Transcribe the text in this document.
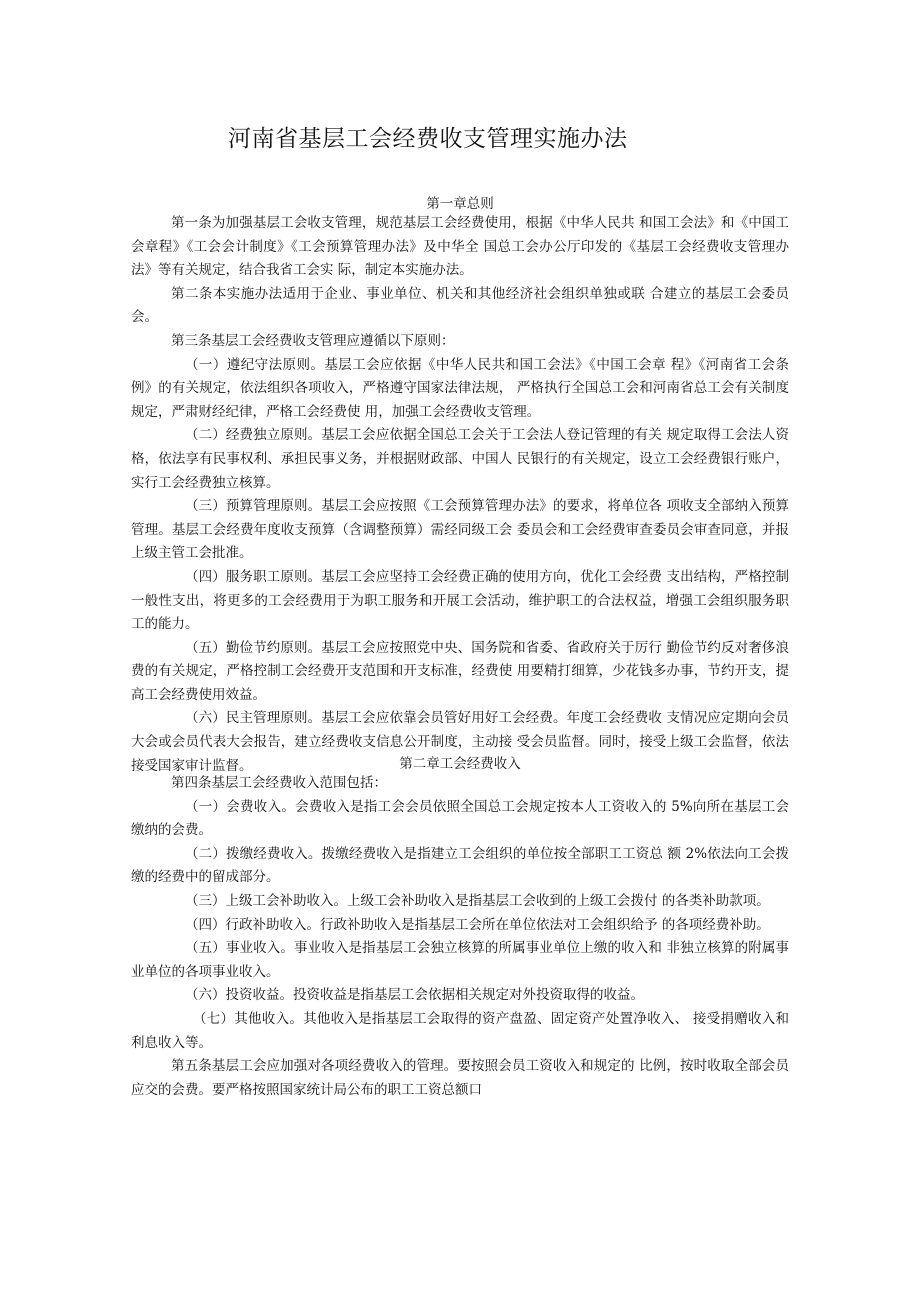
河南省基层工会经费收支管理实施办法
第一章总则

第一条为加强基层工会收支管理，规范基层工会经费使用，根据《中华人民共 和国工会法》和《中国工会章程》《工会会计制度》《工会预算管理办法》及中华全 国总工会办公厅印发的《基层工会经费收支管理办法》等有关规定，结合我省工会实 际，制定本实施办法。

第二条本实施办法适用于企业、事业单位、机关和其他经济社会组织单独或联 合建立的基层工会委员会。

第三条基层工会经费收支管理应遵循以下原则：

（一）遵纪守法原则。基层工会应依据《中华人民共和国工会法》《中国工会章 程》《河南省工会条例》的有关规定，依法组织各项收入，严格遵守国家法律法规， 严格执行全国总工会和河南省总工会有关制度规定，严肃财经纪律，严格工会经费使 用，加强工会经费收支管理。

（二）经费独立原则。基层工会应依据全国总工会关于工会法人登记管理的有关 规定取得工会法人资格，依法享有民事权利、承担民事义务，并根据财政部、中国人 民银行的有关规定，设立工会经费银行账户，实行工会经费独立核算。

（三）预算管理原则。基层工会应按照《工会预算管理办法》的要求，将单位各 项收支全部纳入预算管理。基层工会经费年度收支预算（含调整预算）需经同级工会 委员会和工会经费审查委员会审查同意，并报上级主管工会批准。

（四）服务职工原则。基层工会应坚持工会经费正确的使用方向，优化工会经费 支出结构，严格控制一般性支出，将更多的工会经费用于为职工服务和开展工会活动，维护职工的合法权益，增强工会组织服务职工的能力。

（五）勤俭节约原则。基层工会应按照党中央、国务院和省委、省政府关于厉行 勤俭节约反对奢侈浪费的有关规定，严格控制工会经费开支范围和开支标准，经费使 用要精打细算，少花钱多办事，节约开支，提高工会经费使用效益。

（六）民主管理原则。基层工会应依靠会员管好用好工会经费。年度工会经费收 支情况应定期向会员大会或会员代表大会报告，建立经费收支信息公开制度，主动接 受会员监督。同时，接受上级工会监督，依法接受国家审计监督。	第二章工会经费收入

第四条基层工会经费收入范围包括：

（一）会费收入。会费收入是指工会会员依照全国总工会规定按本人工资收入的 5%向所在基层工会缴纳的会费。

（二）拨缴经费收入。拨缴经费收入是指建立工会组织的单位按全部职工工资总 额 2%依法向工会拨缴的经费中的留成部分。

（三）上级工会补助收入。上级工会补助收入是指基层工会收到的上级工会拨付 的各类补助款项。

（四）行政补助收入。行政补助收入是指基层工会所在单位依法对工会组织给予 的各项经费补助。

（五）事业收入。事业收入是指基层工会独立核算的所属事业单位上缴的收入和 非独立核算的附属事业单位的各项事业收入。

（六）投资收益。投资收益是指基层工会依据相关规定对外投资取得的收益。

（七）其他收入。其他收入是指基层工会取得的资产盘盈、固定资产处置净收入、 接受捐赠收入和利息收入等。

第五条基层工会应加强对各项经费收入的管理。要按照会员工资收入和规定的 比例，按时收取全部会员应交的会费。要严格按照国家统计局公布的职工工资总额口
